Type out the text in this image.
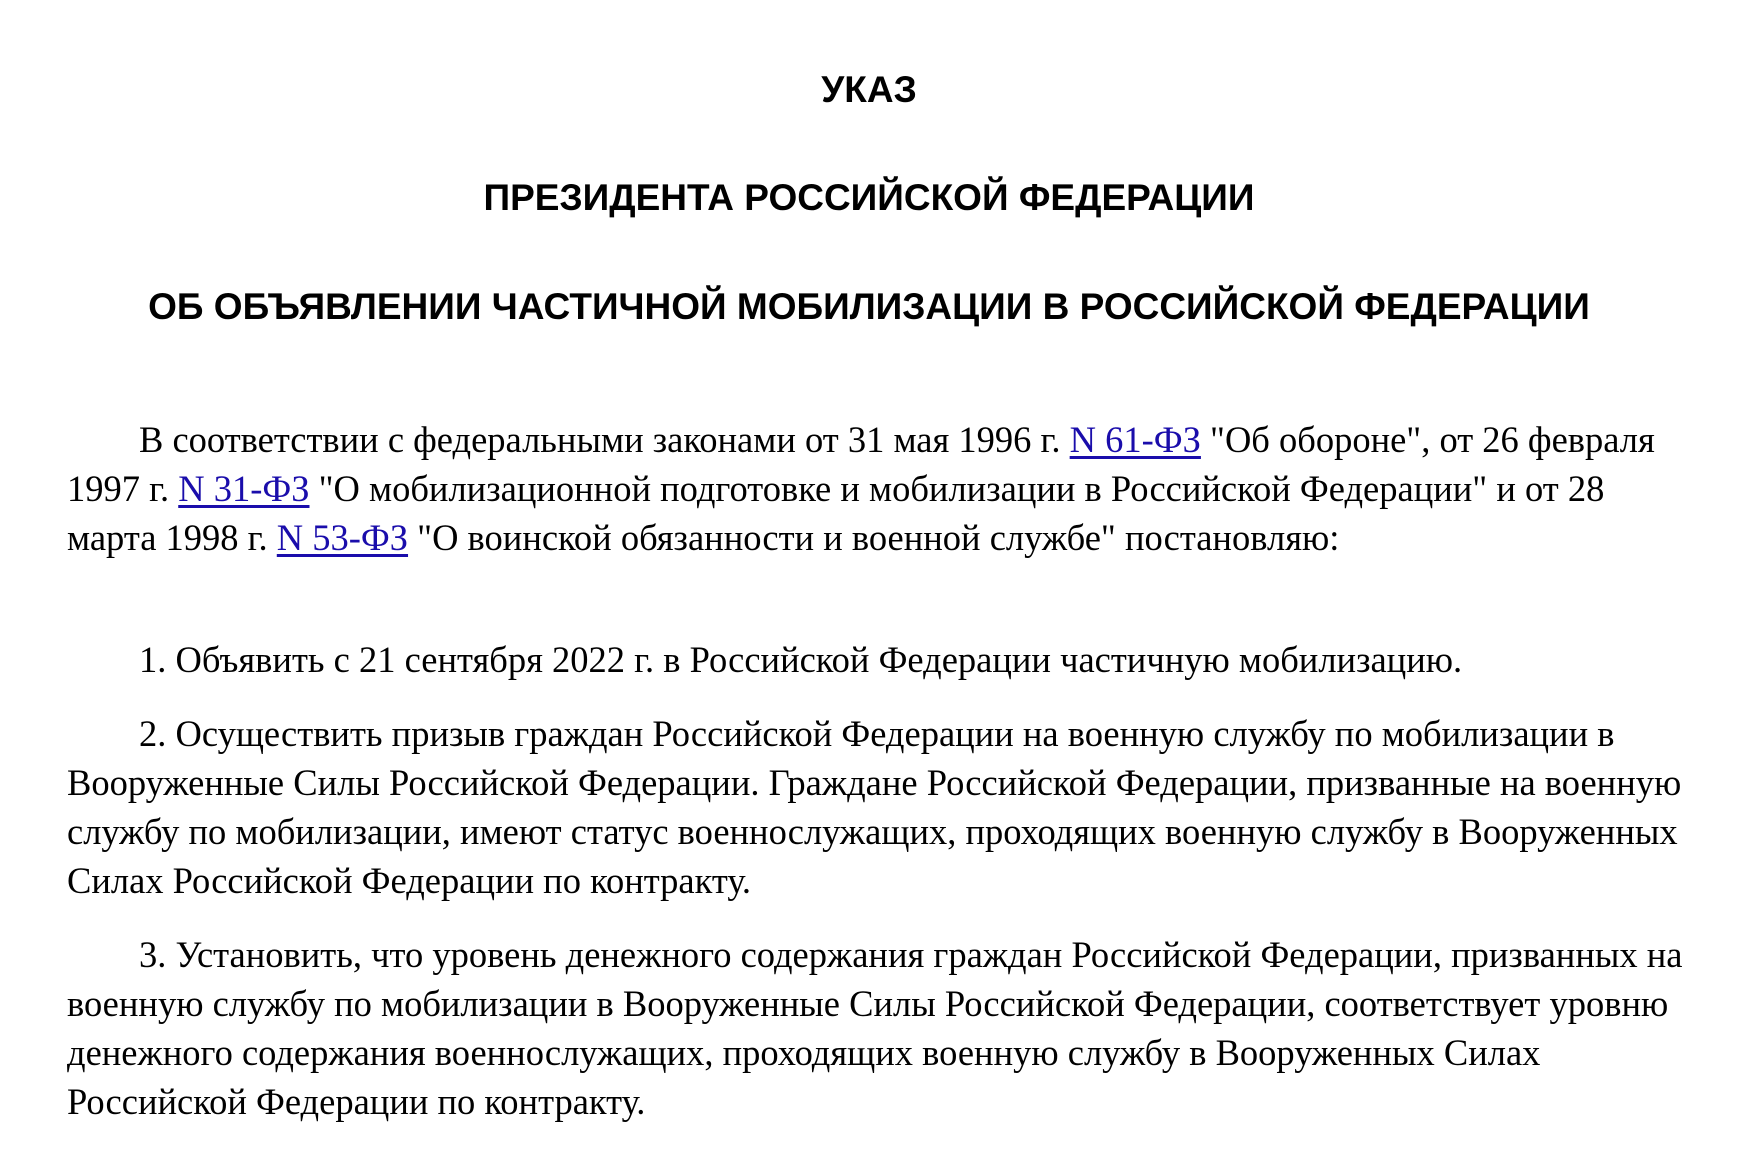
УКАЗ
ПРЕЗИДЕНТА РОССИЙСКОЙ ФЕДЕРАЦИИ
ОБ ОБЪЯВЛЕНИИ ЧАСТИЧНОЙ МОБИЛИЗАЦИИ В РОССИЙСКОЙ ФЕДЕРАЦИИ

В соответствии с федеральными законами от 31 мая 1996 г. N 61-ФЗ "Об обороне", от 26 февраля 1997 г. N 31-ФЗ "О мобилизационной подготовке и мобилизации в Российской Федерации" и от 28 марта 1998 г. N 53-ФЗ "О воинской обязанности и военной службе" постановляю:

1. Объявить с 21 сентября 2022 г. в Российской Федерации частичную мобилизацию.

2. Осуществить призыв граждан Российской Федерации на военную службу по мобилизации в Вооруженные Силы Российской Федерации. Граждане Российской Федерации, призванные на военную службу по мобилизации, имеют статус военнослужащих, проходящих военную службу в Вооруженных Силах Российской Федерации по контракту.

3. Установить, что уровень денежного содержания граждан Российской Федерации, призванных на военную службу по мобилизации в Вооруженные Силы Российской Федерации, соответствует уровню денежного содержания военнослужащих, проходящих военную службу в Вооруженных Силах Российской Федерации по контракту.
